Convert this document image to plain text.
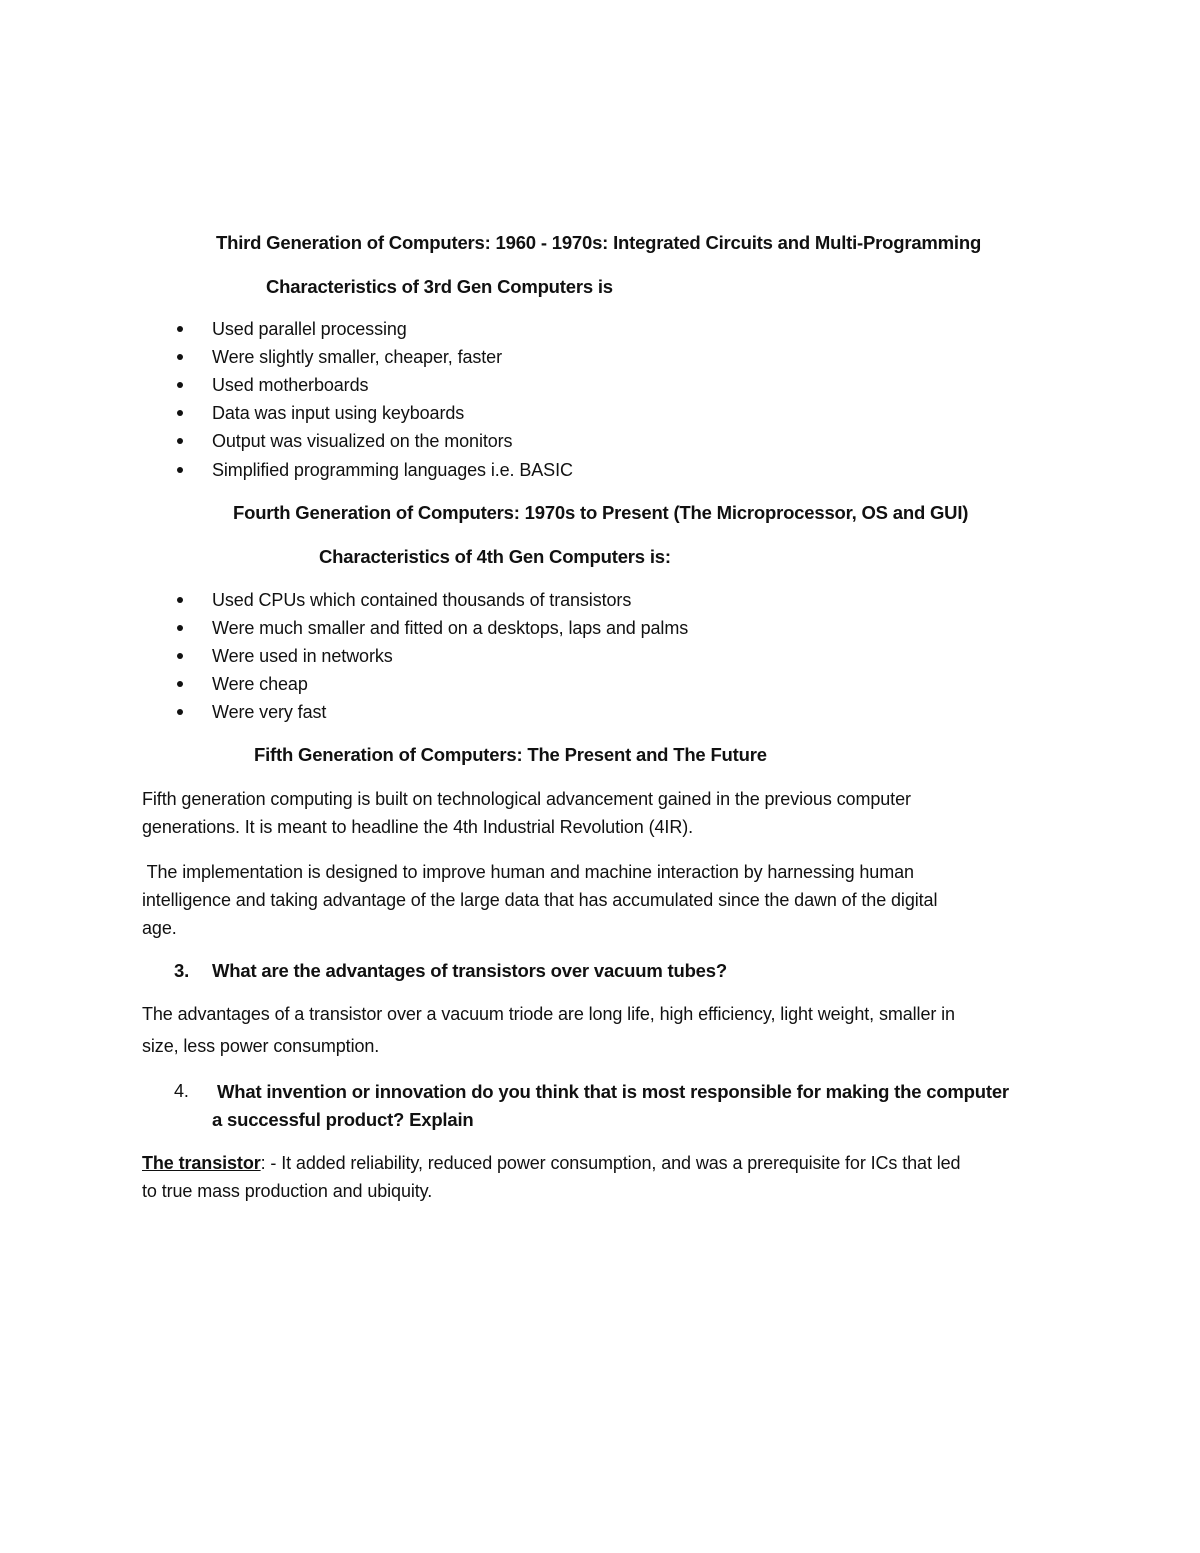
Third Generation of Computers: 1960 - 1970s: Integrated Circuits and Multi-Programming
Characteristics of 3rd Gen Computers is
Used parallel processing
Were slightly smaller, cheaper, faster
Used motherboards
Data was input using keyboards
Output was visualized on the monitors
Simplified programming languages i.e. BASIC
Fourth Generation of Computers: 1970s to Present (The Microprocessor, OS and GUI)
Characteristics of 4th Gen Computers is:
Used CPUs which contained thousands of transistors
Were much smaller and fitted on a desktops, laps and palms
Were used in networks
Were cheap
Were very fast
Fifth Generation of Computers: The Present and The Future
Fifth generation computing is built on technological advancement gained in the previous computer
generations. It is meant to headline the 4th Industrial Revolution (4IR).
The implementation is designed to improve human and machine interaction by harnessing human
intelligence and taking advantage of the large data that has accumulated since the dawn of the digital
age.
3. What are the advantages of transistors over vacuum tubes?
The advantages of a transistor over a vacuum triode are long life, high efficiency, light weight, smaller in
size, less power consumption.
4. What invention or innovation do you think that is most responsible for making the computer
a successful product? Explain
The transistor: - It added reliability, reduced power consumption, and was a prerequisite for ICs that led
to true mass production and ubiquity.
